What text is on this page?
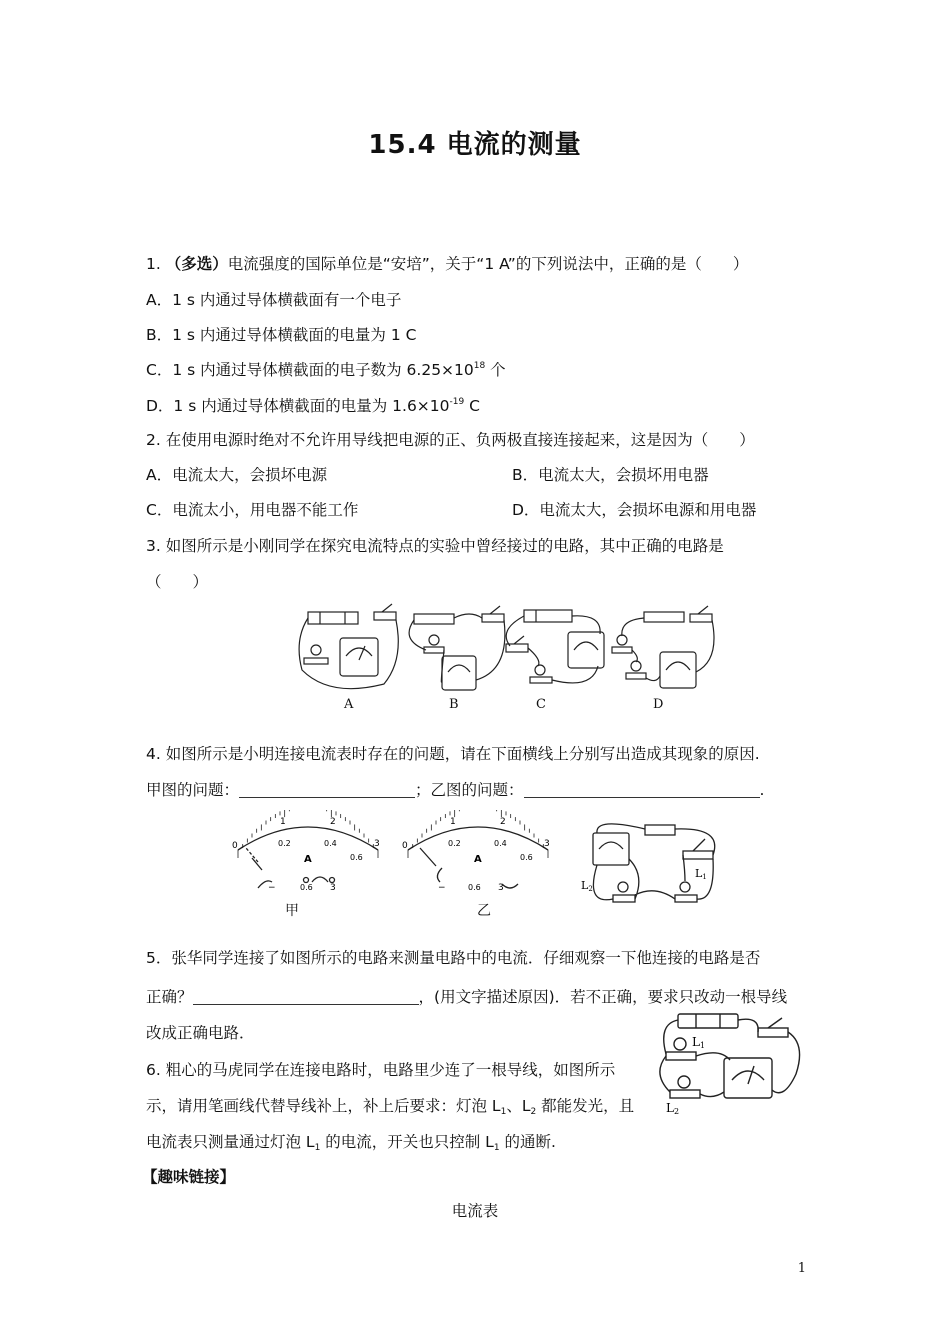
15.4 电流的测量
1. （多选）电流强度的国际单位是“安培”，关于“1 A”的下列说法中，正确的是（　　）
A．1 s 内通过导体横截面有一个电子
B．1 s 内通过导体横截面的电量为 1 C
C．1 s 内通过导体横截面的电子数为 $6.25\times 10^{18}$ 个
D．1 s 内通过导体横截面的电量为 $1.6\times 10^{-19}$ C
2. 在使用电源时绝对不允许用导线把电源的正、负两极直接连接起来，这是因为（　　）
A．电流太大，会损坏电源	B．电流太大，会损坏用电器
C．电流太小，用电器不能工作	D．电流太大，会损坏电源和用电器
3. 如图所示是小刚同学在探究电流特点的实验中曾经接过的电路，其中正确的电路是
（　　）
A	B	C	D
4. 如图所示是小明连接电流表时存在的问题，请在下面横线上分别写出造成其现象的原因.
甲图的问题：	；乙图的问题：	.
0
1	2
3
0.2	0.4
0.6
A
−	0.6 3
甲
0
1	2
3
0.2	0.4
0.6
A
−	0.6 3
乙
L2
L1
5．张华同学连接了如图所示的电路来测量电路中的电流．仔细观察一下他连接的电路是否
正确？	，(用文字描述原因)．若不正确，要求只改动一根导线
改成正确电路．	L1
L2
6. 粗心的马虎同学在连接电路时，电路里少连了一根导线，如图所示
示，请用笔画线代替导线补上，补上后要求：灯泡 $L_1$、$L_2$ 都能发光，且
电流表只测量通过灯泡 $L_1$ 的电流，开关也只控制 $L_1$ 的通断.
【趣味链接】
电流表
1
